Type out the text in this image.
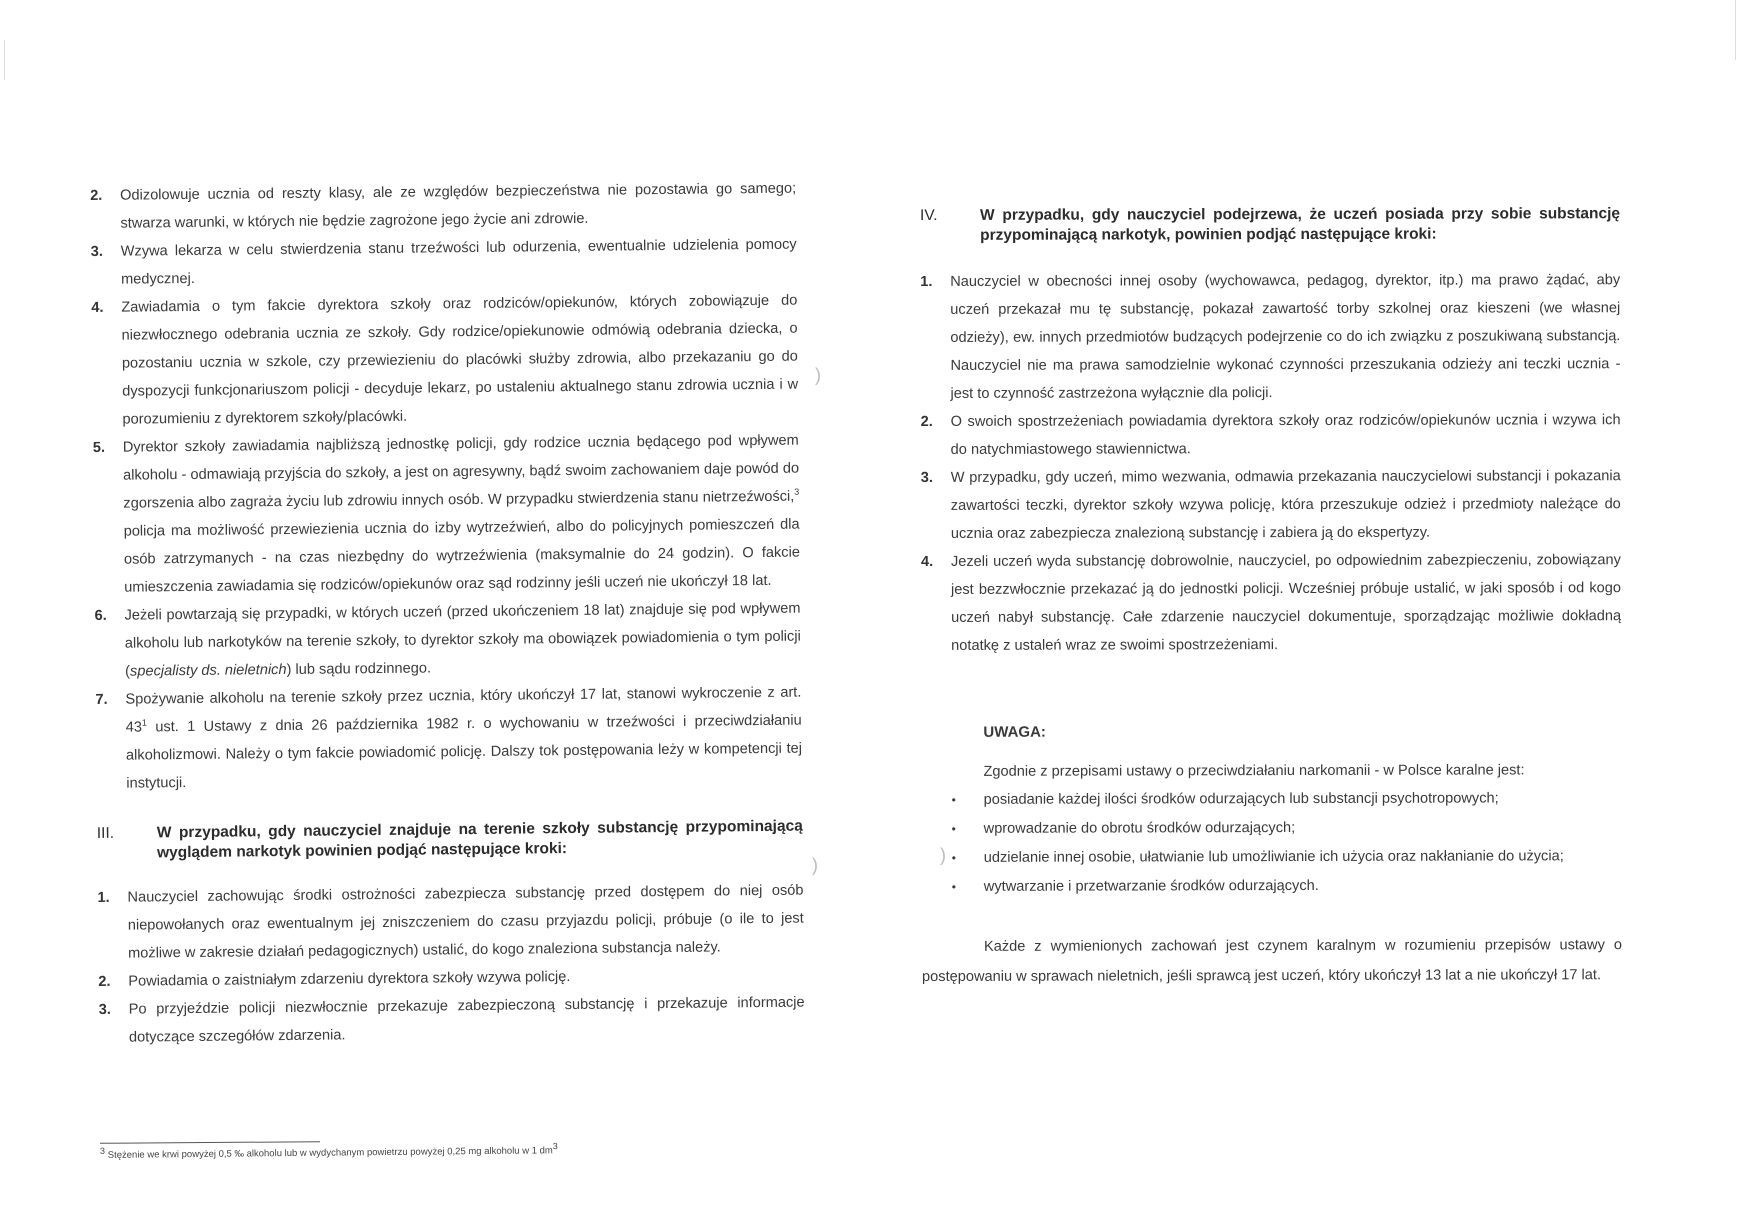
2. Odizolowuje ucznia od reszty klasy, ale ze względów bezpieczeństwa nie pozostawia go samego; stwarza warunki, w których nie będzie zagrożone jego życie ani zdrowie.
3. Wzywa lekarza w celu stwierdzenia stanu trzeźwości lub odurzenia, ewentualnie udzielenia pomocy medycznej.
4. Zawiadamia o tym fakcie dyrektora szkoły oraz rodziców/opiekunów, których zobowiązuje do niezwłocznego odebrania ucznia ze szkoły. Gdy rodzice/opiekunowie odmówią odebrania dziecka, o pozostaniu ucznia w szkole, czy przewiezieniu do placówki służby zdrowia, albo przekazaniu go do dyspozycji funkcjonariuszom policji - decyduje lekarz, po ustaleniu aktualnego stanu zdrowia ucznia i w porozumieniu z dyrektorem szkoły/placówki.
5. Dyrektor szkoły zawiadamia najbliższą jednostkę policji, gdy rodzice ucznia będącego pod wpływem alkoholu - odmawiają przyjścia do szkoły, a jest on agresywny, bądź swoim zachowaniem daje powód do zgorszenia albo zagraża życiu lub zdrowiu innych osób. W przypadku stwierdzenia stanu nietrzeźwości,$^3$ policja ma możliwość przewiezienia ucznia do izby wytrzeźwień, albo do policyjnych pomieszczeń dla osób zatrzymanych - na czas niezbędny do wytrzeźwienia (maksymalnie do 24 godzin). O fakcie umieszczenia zawiadamia się rodziców/opiekunów oraz sąd rodzinny jeśli uczeń nie ukończył 18 lat.
6. Jeżeli powtarzają się przypadki, w których uczeń (przed ukończeniem 18 lat) znajduje się pod wpływem alkoholu lub narkotyków na terenie szkoły, to dyrektor szkoły ma obowiązek powiadomienia o tym policji (specjalisty ds. nieletnich) lub sądu rodzinnego.
7. Spożywanie alkoholu na terenie szkoły przez ucznia, który ukończył 17 lat, stanowi wykroczenie z art. $43^1$ ust. 1 Ustawy z dnia 26 października 1982 r. o wychowaniu w trzeźwości i przeciwdziałaniu alkoholizmowi. Należy o tym fakcie powiadomić policję. Dalszy tok postępowania leży w kompetencji tej instytucji.
III.	W przypadku, gdy nauczyciel znajduje na terenie szkoły substancję przypominającą wyglądem narkotyk powinien podjąć następujące kroki:
1. Nauczyciel zachowując środki ostrożności zabezpiecza substancję przed dostępem do niej osób niepowołanych oraz ewentualnym jej zniszczeniem do czasu przyjazdu policji, próbuje (o ile to jest możliwe w zakresie działań pedagogicznych) ustalić, do kogo znaleziona substancja należy.
2. Powiadamia o zaistniałym zdarzeniu dyrektora szkoły wzywa policję.
3. Po przyjeździe policji niezwłocznie przekazuje zabezpieczoną substancję i przekazuje informacje dotyczące szczegółów zdarzenia.
$^3$ Stężenie we krwi powyżej 0,5 ‰ alkoholu lub w wydychanym powietrzu powyżej 0,25 mg alkoholu w 1 $dm^3$
IV.	W przypadku, gdy nauczyciel podejrzewa, że uczeń posiada przy sobie substancję przypominającą narkotyk, powinien podjąć następujące kroki:
1. Nauczyciel w obecności innej osoby (wychowawca, pedagog, dyrektor, itp.) ma prawo żądać, aby uczeń przekazał mu tę substancję, pokazał zawartość torby szkolnej oraz kieszeni (we własnej odzieży), ew. innych przedmiotów budzących podejrzenie co do ich związku z poszukiwaną substancją. Nauczyciel nie ma prawa samodzielnie wykonać czynności przeszukania odzieży ani teczki ucznia - jest to czynność zastrzeżona wyłącznie dla policji.
2. O swoich spostrzeżeniach powiadamia dyrektora szkoły oraz rodziców/opiekunów ucznia i wzywa ich do natychmiastowego stawiennictwa.
3. W przypadku, gdy uczeń, mimo wezwania, odmawia przekazania nauczycielowi substancji i pokazania zawartości teczki, dyrektor szkoły wzywa policję, która przeszukuje odzież i przedmioty należące do ucznia oraz zabezpiecza znalezioną substancję i zabiera ją do ekspertyzy.
4. Jezeli uczeń wyda substancję dobrowolnie, nauczyciel, po odpowiednim zabezpieczeniu, zobowiązany jest bezzwłocznie przekazać ją do jednostki policji. Wcześniej próbuje ustalić, w jaki sposób i od kogo uczeń nabył substancję. Całe zdarzenie nauczyciel dokumentuje, sporządzając możliwie dokładną notatkę z ustaleń wraz ze swoimi spostrzeżeniami.
UWAGA:
Zgodnie z przepisami ustawy o przeciwdziałaniu narkomanii - w Polsce karalne jest:
• posiadanie każdej ilości środków odurzających lub substancji psychotropowych;
• wprowadzanie do obrotu środków odurzających;
• udzielanie innej osobie, ułatwianie lub umożliwianie ich użycia oraz nakłanianie do użycia;
• wytwarzanie i przetwarzanie środków odurzających.
Każde z wymienionych zachowań jest czynem karalnym w rozumieniu przepisów ustawy o postępowaniu w sprawach nieletnich, jeśli sprawcą jest uczeń, który ukończył 13 lat a nie ukończył 17 lat.
)
)	)
